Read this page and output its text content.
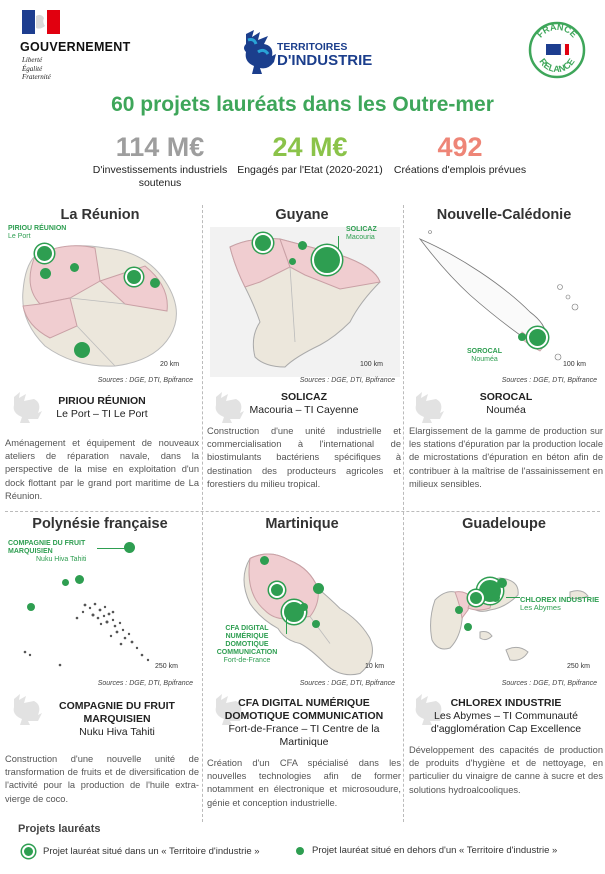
GOUVERNEMENT
Liberté
Égalité
Fraternité
TERRITOIRES
D'INDUSTRIE
FRANCE
RELANCE
60 projets lauréats dans les Outre-mer
114 M€
D'investissements industriels soutenus
24 M€
Engagés par l'Etat (2020-2021)
492
Créations d'emplois prévues
La Réunion
PIRIOU RÉUNION
Le Port
20 km
Sources : DGE, DTI, Bpifrance
Guyane
SOLICAZ
Macouria
100 km
Sources : DGE, DTI, Bpifrance
Nouvelle-Calédonie
SOROCAL
Nouméa
100 km
Sources : DGE, DTI, Bpifrance
PIRIOU RÉUNION
Le Port – TI Le Port
Aménagement et équipement de nouveaux ateliers de réparation navale, dans la perspective de la mise en exploitation d'un dock flottant par le grand port maritime de La Réunion.
SOLICAZ
Macouria – TI Cayenne
Construction d'une unité industrielle et commercialisation à l'international de biostimulants bactériens spécifiques à destination des producteurs agricoles et forestiers du milieu tropical.
SOROCAL
Nouméa
Elargissement de la gamme de production sur les stations d'épuration par la production locale de microstations d'épuration en béton afin de contribuer à la maîtrise de l'assainissement en milieux sensibles.
Polynésie française
COMPAGNIE DU FRUIT MARQUISIEN
Nuku Hiva Tahiti
250 km
Sources : DGE, DTI, Bpifrance
Martinique
CFA DIGITAL NUMÉRIQUE DOMOTIQUE COMMUNICATION
Fort-de-France
10 km
Sources : DGE, DTI, Bpifrance
Guadeloupe
CHLOREX INDUSTRIE
Les Abymes
250 km
Sources : DGE, DTI, Bpifrance
COMPAGNIE DU FRUIT MARQUISIEN
Nuku Hiva Tahiti
Construction d'une nouvelle unité de transformation de fruits et de diversification de l'activité pour la production de l'huile extra-vierge de coco.
CFA DIGITAL NUMÉRIQUE DOMOTIQUE COMMUNICATION
Fort-de-France – TI Centre de la Martinique
Création d'un CFA spécialisé dans les nouvelles technologies afin de former notamment en électronique et microsoudure, génie et conception industrielle.
CHLOREX INDUSTRIE
Les Abymes – TI Communauté d'agglomération Cap Excellence
Développement des capacités de production de produits d'hygiène et de nettoyage, en particulier du vinaigre de canne à sucre et des solutions hydroalcooliques.
Projets lauréats
Projet lauréat situé dans un « Territoire d'industrie »	Projet lauréat situé en dehors d'un « Territoire d'industrie »
